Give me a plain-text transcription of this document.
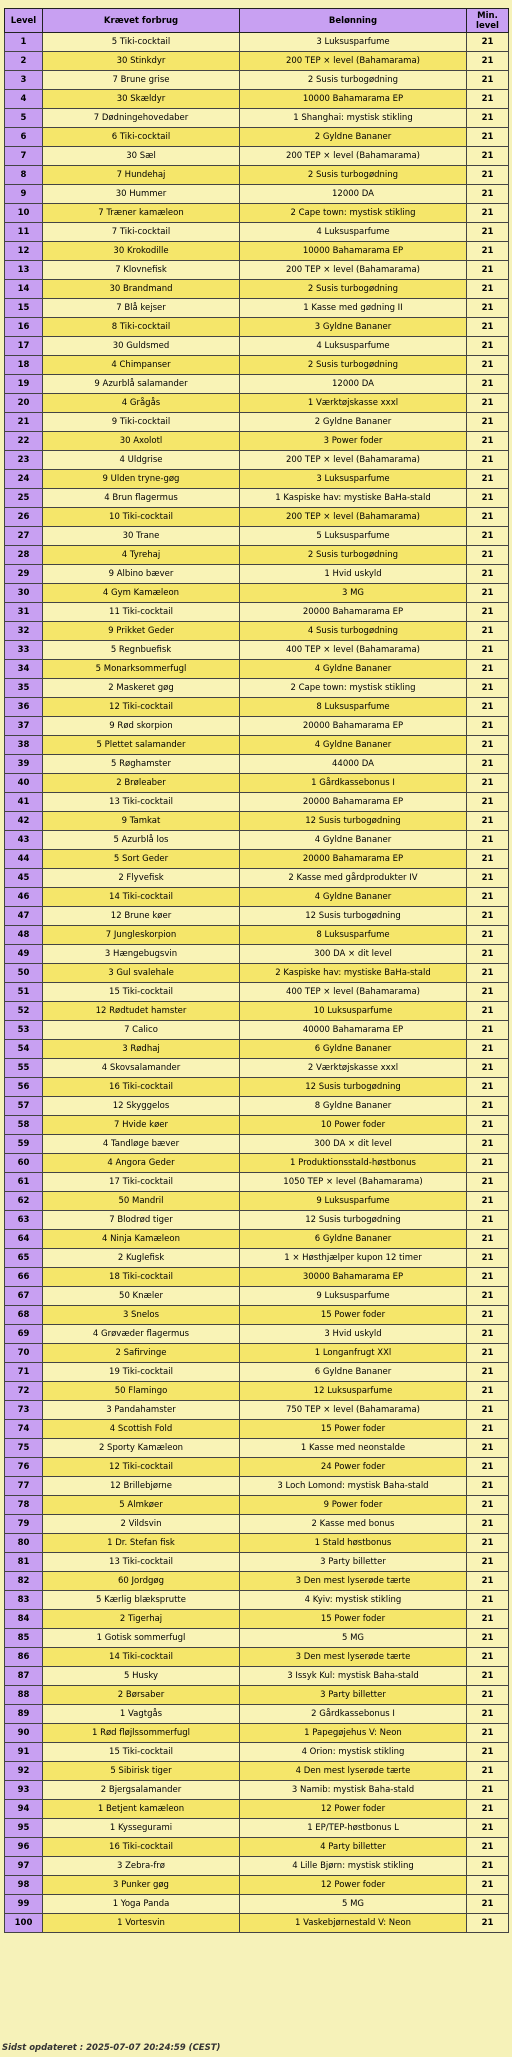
Level	Krævet forbrug	Belønning	Min. level
1	5 Tiki-cocktail	3 Luksusparfume	21
2	30 Stinkdyr	200 TEP × level (Bahamarama)	21
3	7 Brune grise	2 Susis turbogødning	21
4	30 Skældyr	10000 Bahamarama EP	21
5	7 Dødningehovedaber	1 Shanghai: mystisk stikling	21
6	6 Tiki-cocktail	2 Gyldne Bananer	21
7	30 Sæl	200 TEP × level (Bahamarama)	21
8	7 Hundehaj	2 Susis turbogødning	21
9	30 Hummer	12000 DA	21
10	7 Træner kamæleon	2 Cape town: mystisk stikling	21
11	7 Tiki-cocktail	4 Luksusparfume	21
12	30 Krokodille	10000 Bahamarama EP	21
13	7 Klovnefisk	200 TEP × level (Bahamarama)	21
14	30 Brandmand	2 Susis turbogødning	21
15	7 Blå kejser	1 Kasse med gødning II	21
16	8 Tiki-cocktail	3 Gyldne Bananer	21
17	30 Guldsmed	4 Luksusparfume	21
18	4 Chimpanser	2 Susis turbogødning	21
19	9 Azurblå salamander	12000 DA	21
20	4 Grågås	1 Værktøjskasse xxxl	21
21	9 Tiki-cocktail	2 Gyldne Bananer	21
22	30 Axolotl	3 Power foder	21
23	4 Uldgrise	200 TEP × level (Bahamarama)	21
24	9 Ulden tryne-gøg	3 Luksusparfume	21
25	4 Brun flagermus	1 Kaspiske hav: mystiske BaHa-stald	21
26	10 Tiki-cocktail	200 TEP × level (Bahamarama)	21
27	30 Trane	5 Luksusparfume	21
28	4 Tyrehaj	2 Susis turbogødning	21
29	9 Albino bæver	1 Hvid uskyld	21
30	4 Gym Kamæleon	3 MG	21
31	11 Tiki-cocktail	20000 Bahamarama EP	21
32	9 Prikket Geder	4 Susis turbogødning	21
33	5 Regnbuefisk	400 TEP × level (Bahamarama)	21
34	5 Monarksommerfugl	4 Gyldne Bananer	21
35	2 Maskeret gøg	2 Cape town: mystisk stikling	21
36	12 Tiki-cocktail	8 Luksusparfume	21
37	9 Rød skorpion	20000 Bahamarama EP	21
38	5 Plettet salamander	4 Gyldne Bananer	21
39	5 Røghamster	44000 DA	21
40	2 Brøleaber	1 Gårdkassebonus I	21
41	13 Tiki-cocktail	20000 Bahamarama EP	21
42	9 Tamkat	12 Susis turbogødning	21
43	5 Azurblå los	4 Gyldne Bananer	21
44	5 Sort Geder	20000 Bahamarama EP	21
45	2 Flyvefisk	2 Kasse med gårdprodukter IV	21
46	14 Tiki-cocktail	4 Gyldne Bananer	21
47	12 Brune køer	12 Susis turbogødning	21
48	7 Jungleskorpion	8 Luksusparfume	21
49	3 Hængebugsvin	300 DA × dit level	21
50	3 Gul svalehale	2 Kaspiske hav: mystiske BaHa-stald	21
51	15 Tiki-cocktail	400 TEP × level (Bahamarama)	21
52	12 Rødtudet hamster	10 Luksusparfume	21
53	7 Calico	40000 Bahamarama EP	21
54	3 Rødhaj	6 Gyldne Bananer	21
55	4 Skovsalamander	2 Værktøjskasse xxxl	21
56	16 Tiki-cocktail	12 Susis turbogødning	21
57	12 Skyggelos	8 Gyldne Bananer	21
58	7 Hvide køer	10 Power foder	21
59	4 Tandløge bæver	300 DA × dit level	21
60	4 Angora Geder	1 Produktionsstald-høstbonus	21
61	17 Tiki-cocktail	1050 TEP × level (Bahamarama)	21
62	50 Mandril	9 Luksusparfume	21
63	7 Blodrød tiger	12 Susis turbogødning	21
64	4 Ninja Kamæleon	6 Gyldne Bananer	21
65	2 Kuglefisk	1 × Høsthjælper kupon 12 timer	21
66	18 Tiki-cocktail	30000 Bahamarama EP	21
67	50 Knæler	9 Luksusparfume	21
68	3 Snelos	15 Power foder	21
69	4 Grøvæder flagermus	3 Hvid uskyld	21
70	2 Safirvinge	1 Longanfrugt XXl	21
71	19 Tiki-cocktail	6 Gyldne Bananer	21
72	50 Flamingo	12 Luksusparfume	21
73	3 Pandahamster	750 TEP × level (Bahamarama)	21
74	4 Scottish Fold	15 Power foder	21
75	2 Sporty Kamæleon	1 Kasse med neonstalde	21
76	12 Tiki-cocktail	24 Power foder	21
77	12 Brillebjørne	3 Loch Lomond: mystisk Baha-stald	21
78	5 Almkøer	9 Power foder	21
79	2 Vildsvin	2 Kasse med bonus	21
80	1 Dr. Stefan fisk	1 Stald høstbonus	21
81	13 Tiki-cocktail	3 Party billetter	21
82	60 Jordgøg	3 Den mest lyserøde tærte	21
83	5 Kærlig blæksprutte	4 Kyiv: mystisk stikling	21
84	2 Tigerhaj	15 Power foder	21
85	1 Gotisk sommerfugl	5 MG	21
86	14 Tiki-cocktail	3 Den mest lyserøde tærte	21
87	5 Husky	3 Issyk Kul: mystisk Baha-stald	21
88	2 Børsaber	3 Party billetter	21
89	1 Vagtgås	2 Gårdkassebonus I	21
90	1 Rød fløjlssommerfugl	1 Papegøjehus V: Neon	21
91	15 Tiki-cocktail	4 Orion: mystisk stikling	21
92	5 Sibirisk tiger	4 Den mest lyserøde tærte	21
93	2 Bjergsalamander	3 Namib: mystisk Baha-stald	21
94	1 Betjent kamæleon	12 Power foder	21
95	1 Kyssegurami	1 EP/TEP-høstbonus L	21
96	16 Tiki-cocktail	4 Party billetter	21
97	3 Zebra-frø	4 Lille Bjørn: mystisk stikling	21
98	3 Punker gøg	12 Power foder	21
99	1 Yoga Panda	5 MG	21
100	1 Vortesvin	1 Vaskebjørnestald V: Neon	21
Sidst opdateret : 2025-07-07 20:24:59 (CEST)
